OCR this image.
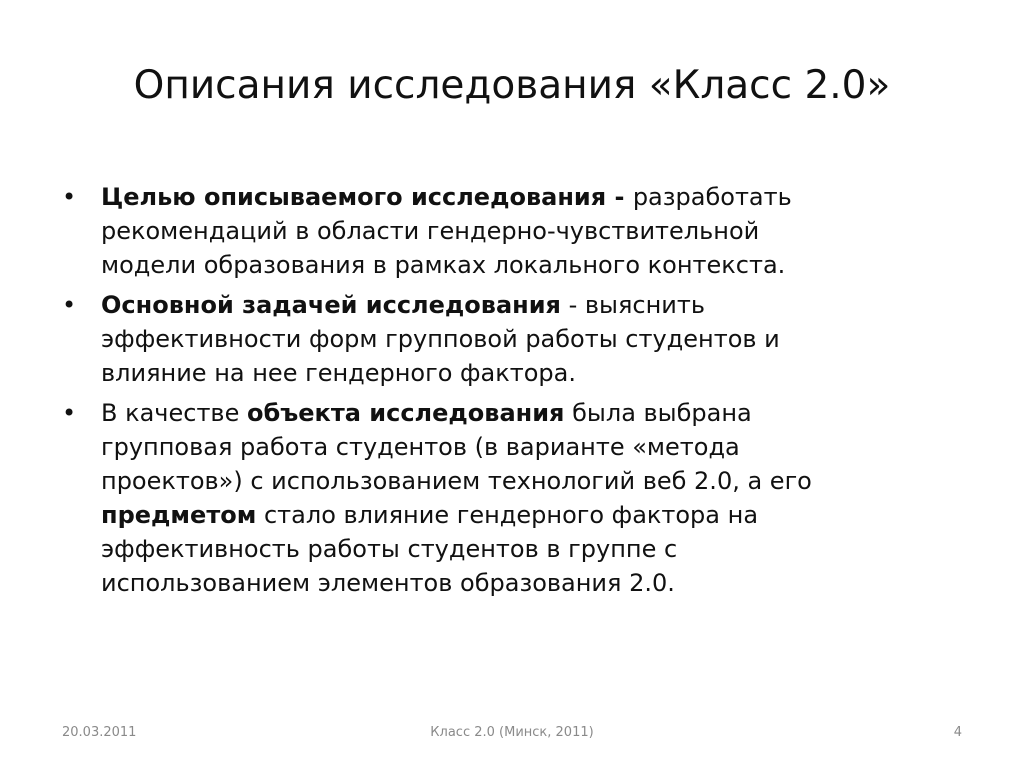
Описания исследования «Класс 2.0»
• Целью описываемого исследования - разработать
рекомендаций в области гендерно-чувствительной
модели образования в рамках локального контекста.
• Основной задачей исследования - выяснить
эффективности форм групповой работы студентов и
влияние на нее гендерного фактора.
• В качестве объекта исследования была выбрана
групповая работа студентов (в варианте «метода
проектов») с использованием технологий веб 2.0, а его
предметом стало влияние гендерного фактора на
эффективность работы студентов в группе с
использованием элементов образования 2.0.
20.03.2011	Класс 2.0 (Минск, 2011)	4
